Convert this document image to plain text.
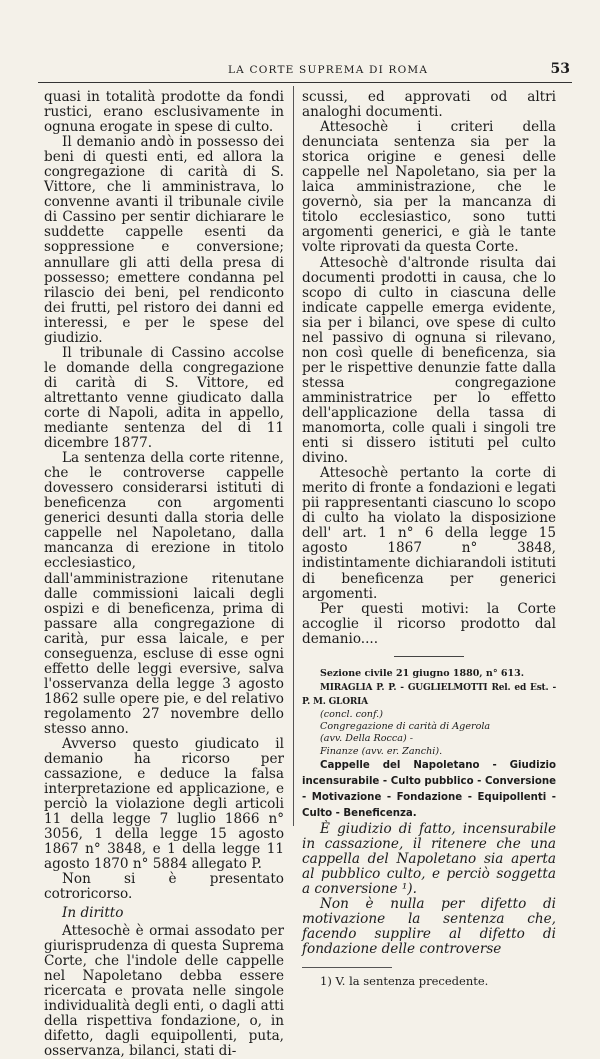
LA CORTE SUPREMA DI ROMA	53

quasi in totalità prodotte da fondi rustici, erano esclusivamente in ognuna erogate in spese di culto.

Il demanio andò in possesso dei beni di questi enti, ed allora la congregazione di carità di S. Vittore, che li amministrava, lo convenne avanti il tribunale civile di Cassino per sentir dichiarare le suddette cappelle esenti da soppressione e conversione; annullare gli atti della presa di possesso; emettere condanna pel rilascio dei beni, pel rendiconto dei frutti, pel ristoro dei danni ed interessi, e per le spese del giudizio.

Il tribunale di Cassino accolse le domande della congregazione di carità di S. Vittore, ed altrettanto venne giudicato dalla corte di Napoli, adita in appello, mediante sentenza del di 11 dicembre 1877.

La sentenza della corte ritenne, che le controverse cappelle dovessero considerarsi istituti di beneficenza con argomenti generici desunti dalla storia delle cappelle nel Napoletano, dalla mancanza di erezione in titolo ecclesiastico, dall'amministrazione ritenutane dalle commissioni laicali degli ospizi e di beneficenza, prima di passare alla congregazione di carità, pur essa laicale, e per conseguenza, escluse di esse ogni effetto delle leggi eversive, salva l'osservanza della legge 3 agosto 1862 sulle opere pie, e del relativo regolamento 27 novembre dello stesso anno.

Avverso questo giudicato il demanio ha ricorso per cassazione, e deduce la falsa interpretazione ed applicazione, e perciò la violazione degli articoli 11 della legge 7 luglio 1866 n° 3056, 1 della legge 15 agosto 1867 n° 3848, e 1 della legge 11 agosto 1870 n° 5884 allegato P.

Non si è presentato cotroricorso.

In diritto

Attesochè è ormai assodato per giurisprudenza di questa Suprema Corte, che l'indole delle cappelle nel Napoletano debba essere ricercata e provata nelle singole individualità degli enti, o dagli atti della rispettiva fondazione, o, in difetto, dagli equipollenti, puta, osservanza, bilanci, stati di-

scussi, ed approvati od altri analoghi documenti.

Attesochè i criteri della denunciata sentenza sia per la storica origine e genesi delle cappelle nel Napoletano, sia per la laica amministrazione, che le governò, sia per la mancanza di titolo ecclesiastico, sono tutti argomenti generici, e già le tante volte riprovati da questa Corte.

Attesochè d'altronde risulta dai documenti prodotti in causa, che lo scopo di culto in ciascuna delle indicate cappelle emerga evidente, sia per i bilanci, ove spese di culto nel passivo di ognuna si rilevano, non così quelle di beneficenza, sia per le rispettive denunzie fatte dalla stessa congregazione amministratrice per lo effetto dell'applicazione della tassa di manomorta, colle quali i singoli tre enti si dissero istituti pel culto divino.

Attesochè pertanto la corte di merito di fronte a fondazioni e legati pii rappresentanti ciascuno lo scopo di culto ha violato la disposizione dell' art. 1 n° 6 della legge 15 agosto 1867 n° 3848, indistintamente dichiarandoli istituti di beneficenza per generici argomenti.

Per questi motivi: la Corte accoglie il ricorso prodotto dal demanio....

Sezione civile 21 giugno 1880, n° 613.

MIRAGLIA P. P. - GUGLIELMOTTI Rel. ed Est. - P. M. GLORIA

(concl. conf.)

Congregazione di carità di Agerola

(avv. Della Rocca) -

Finanze (avv. er. Zanchi).

Cappelle del Napoletano - Giudizio incensurabile - Culto pubblico - Conversione - Motivazione - Fondazione - Equipollenti - Culto - Beneficenza.

È giudizio di fatto, incensurabile in cassazione, il ritenere che una cappella del Napoletano sia aperta al pubblico culto, e perciò soggetta a conversione ¹).

Non è nulla per difetto di motivazione la sentenza che, facendo supplire al difetto di fondazione delle controverse

1) V. la sentenza precedente.
